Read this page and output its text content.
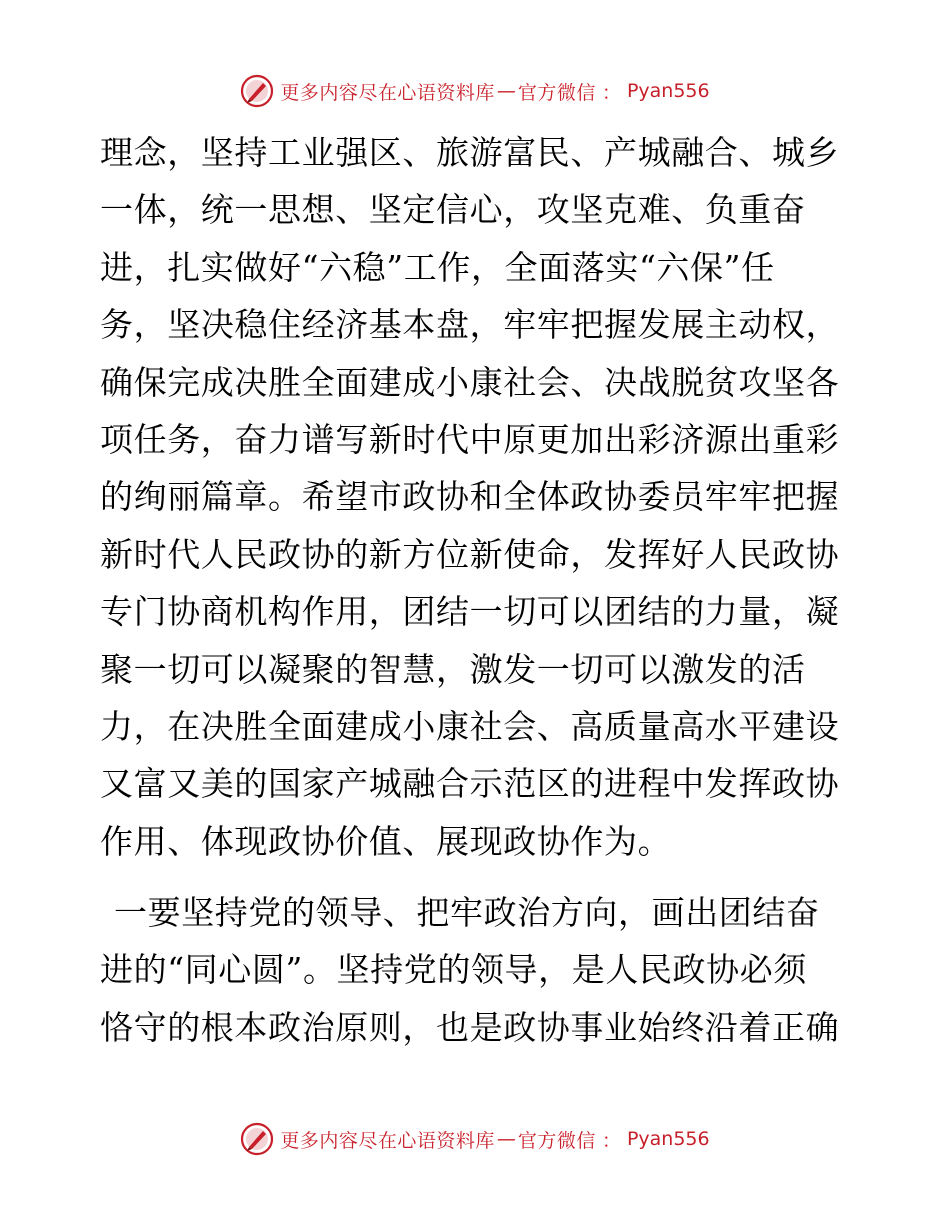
更多内容尽在心语资料库 — 官方微信 ： Pyan556
理念，坚持工业强区、旅游富民、产城融合、城乡
一体，统一思想、坚定信心，攻坚克难、负重奋
进，扎实做好“六稳”工作，全面落实“六保”任
务，坚决稳住经济基本盘，牢牢把握发展主动权，
确保完成决胜全面建成小康社会、决战脱贫攻坚各
项任务，奋力谱写新时代中原更加出彩济源出重彩
的绚丽篇章。希望市政协和全体政协委员牢牢把握
新时代人民政协的新方位新使命，发挥好人民政协
专门协商机构作用，团结一切可以团结的力量，凝
聚一切可以凝聚的智慧，激发一切可以激发的活
力，在决胜全面建成小康社会、高质量高水平建设
又富又美的国家产城融合示范区的进程中发挥政协
作用、体现政协价值、展现政协作为。
一要坚持党的领导、把牢政治方向，画出团结奋
进的“同心圆”。坚持党的领导，是人民政协必须
恪守的根本政治原则，也是政协事业始终沿着正确
更多内容尽在心语资料库 — 官方微信 ： Pyan556
